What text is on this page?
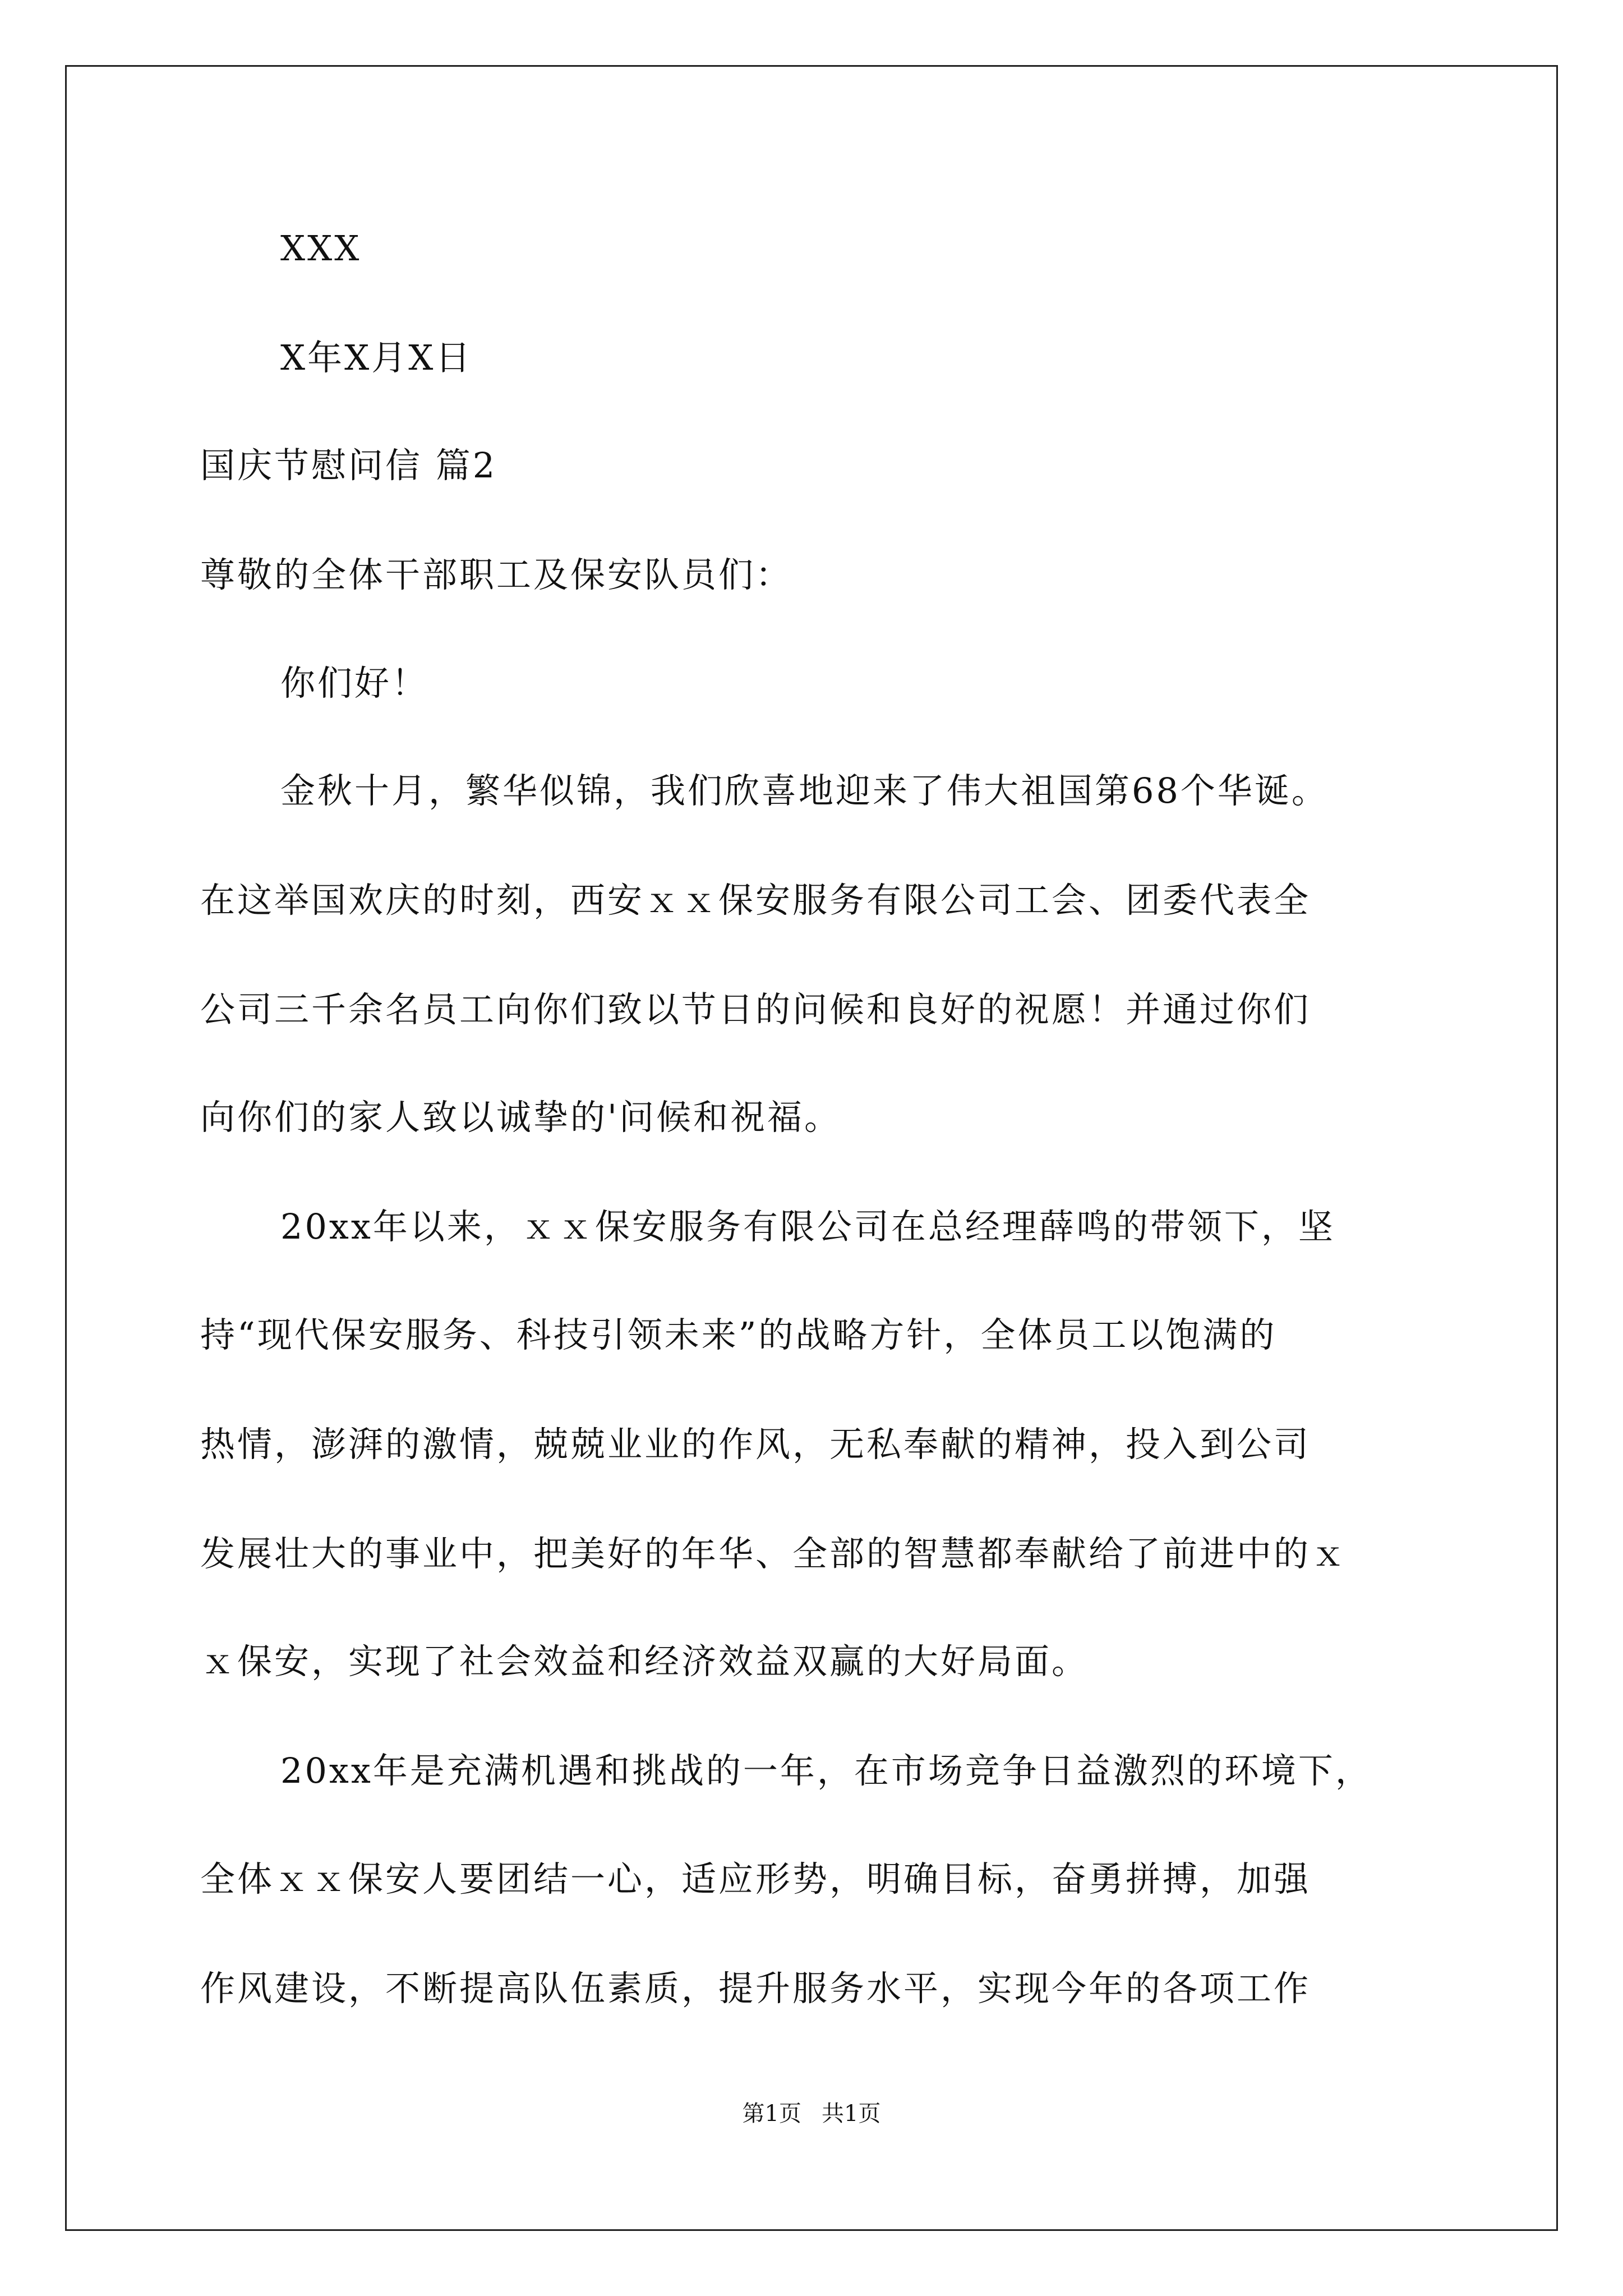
XXX
X年X月X日
国庆节慰问信 篇2
尊敬的全体干部职工及保安队员们：
你们好！
金秋十月，繁华似锦，我们欣喜地迎来了伟大祖国第68个华诞。
在这举国欢庆的时刻，西安ｘｘ保安服务有限公司工会、团委代表全
公司三千余名员工向你们致以节日的问候和良好的祝愿！并通过你们
向你们的家人致以诚挚的'问候和祝福。
20xx年以来，ｘｘ保安服务有限公司在总经理薛鸣的带领下，坚
持“现代保安服务、科技引领未来”的战略方针，全体员工以饱满的
热情，澎湃的激情，兢兢业业的作风，无私奉献的精神，投入到公司
发展壮大的事业中，把美好的年华、全部的智慧都奉献给了前进中的ｘ
ｘ保安，实现了社会效益和经济效益双赢的大好局面。
20xx年是充满机遇和挑战的一年，在市场竞争日益激烈的环境下，
全体ｘｘ保安人要团结一心，适应形势，明确目标，奋勇拼搏，加强
作风建设，不断提高队伍素质，提升服务水平，实现今年的各项工作
第1页 共1页
